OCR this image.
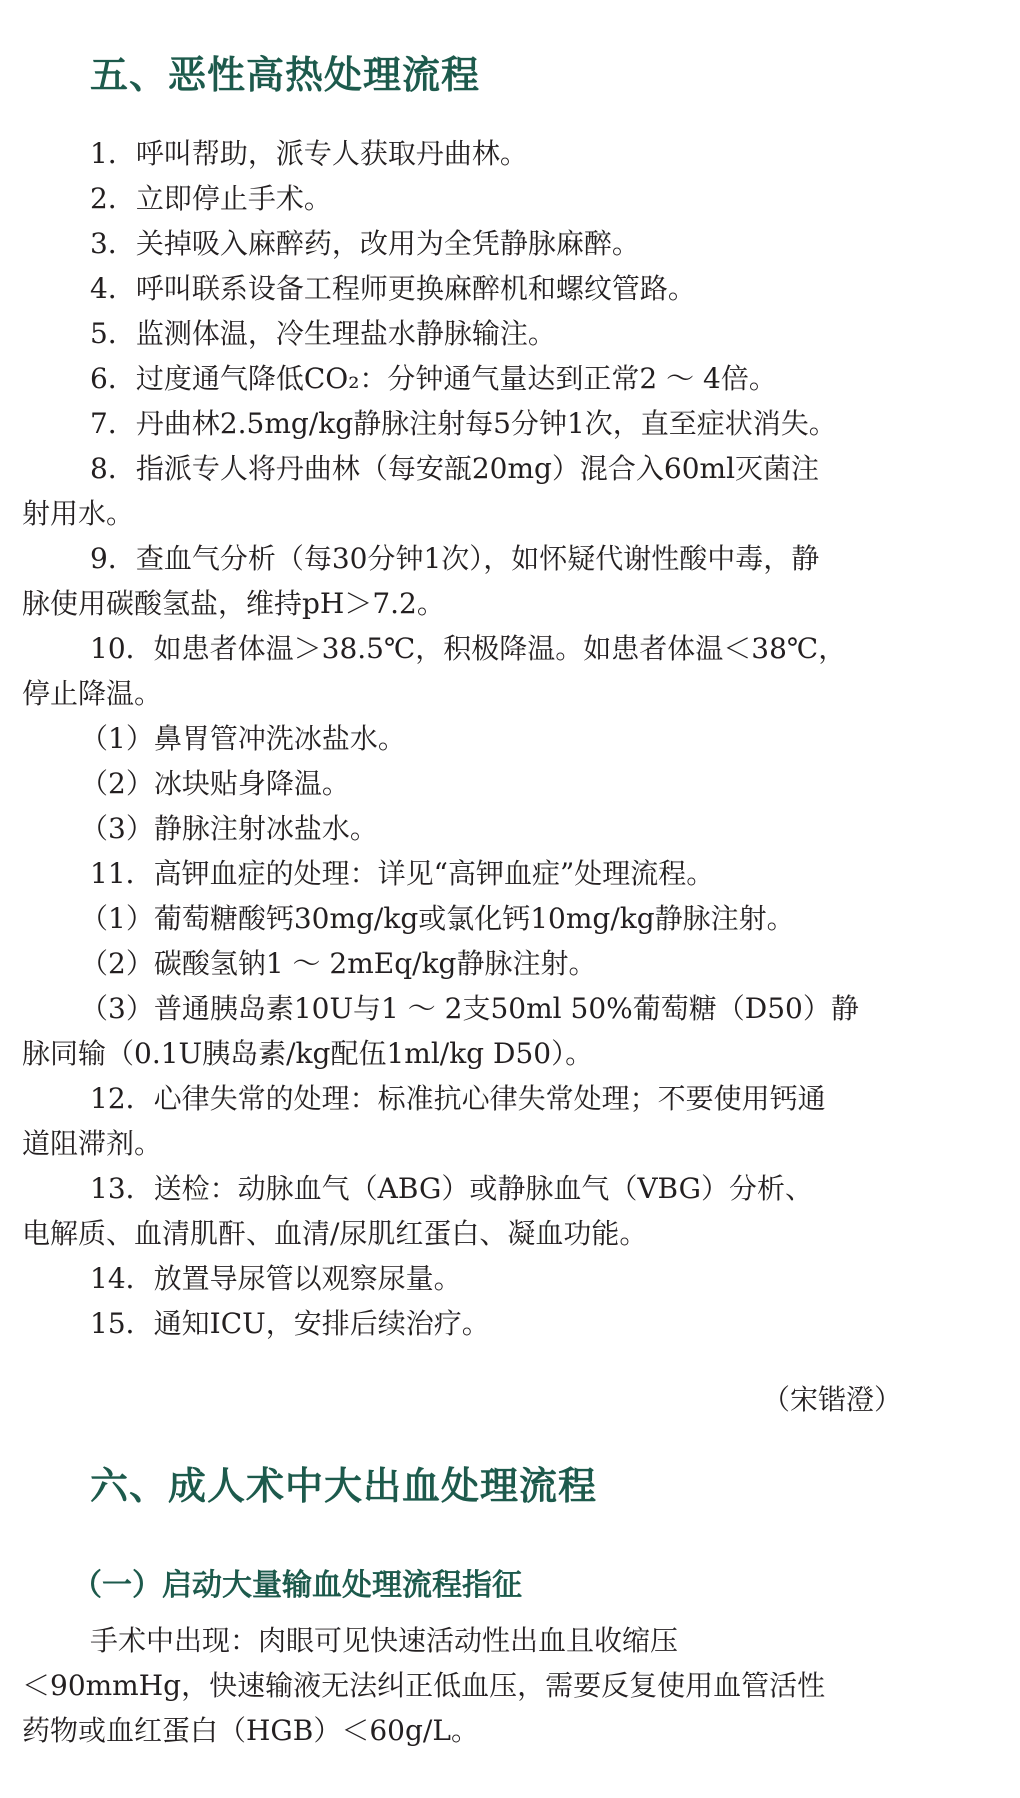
五、恶性高热处理流程

1．呼叫帮助，派专人获取丹曲林。

2．立即停止手术。

3．关掉吸入麻醉药，改用为全凭静脉麻醉。

4．呼叫联系设备工程师更换麻醉机和螺纹管路。

5．监测体温，冷生理盐水静脉输注。

6．过度通气降低CO₂：分钟通气量达到正常2 ～ 4倍。

7．丹曲林2.5mg/kg静脉注射每5分钟1次，直至症状消失。

8．指派专人将丹曲林（每安瓿20mg）混合入60ml灭菌注

射用水。

9．查血气分析（每30分钟1次），如怀疑代谢性酸中毒，静

脉使用碳酸氢盐，维持pH＞7.2。

10．如患者体温＞38.5℃，积极降温。如患者体温＜38℃，

停止降温。

（1）鼻胃管冲洗冰盐水。

（2）冰块贴身降温。

（3）静脉注射冰盐水。

11．高钾血症的处理：详见“高钾血症”处理流程。

（1）葡萄糖酸钙30mg/kg或氯化钙10mg/kg静脉注射。

（2）碳酸氢钠1 ～ 2mEq/kg静脉注射。

（3）普通胰岛素10U与1 ～ 2支50ml 50%葡萄糖（D50）静

脉同输（0.1U胰岛素/kg配伍1ml/kg D50）。

12．心律失常的处理：标准抗心律失常处理；不要使用钙通

道阻滞剂。

13．送检：动脉血气（ABG）或静脉血气（VBG）分析、

电解质、血清肌酐、血清/尿肌红蛋白、凝血功能。

14．放置导尿管以观察尿量。

15．通知ICU，安排后续治疗。

（宋锴澄）
六、成人术中大出血处理流程
（一）启动大量输血处理流程指征

手术中出现：肉眼可见快速活动性出血且收缩压

＜90mmHg，快速输液无法纠正低血压，需要反复使用血管活性

药物或血红蛋白（HGB）＜60g/L。
